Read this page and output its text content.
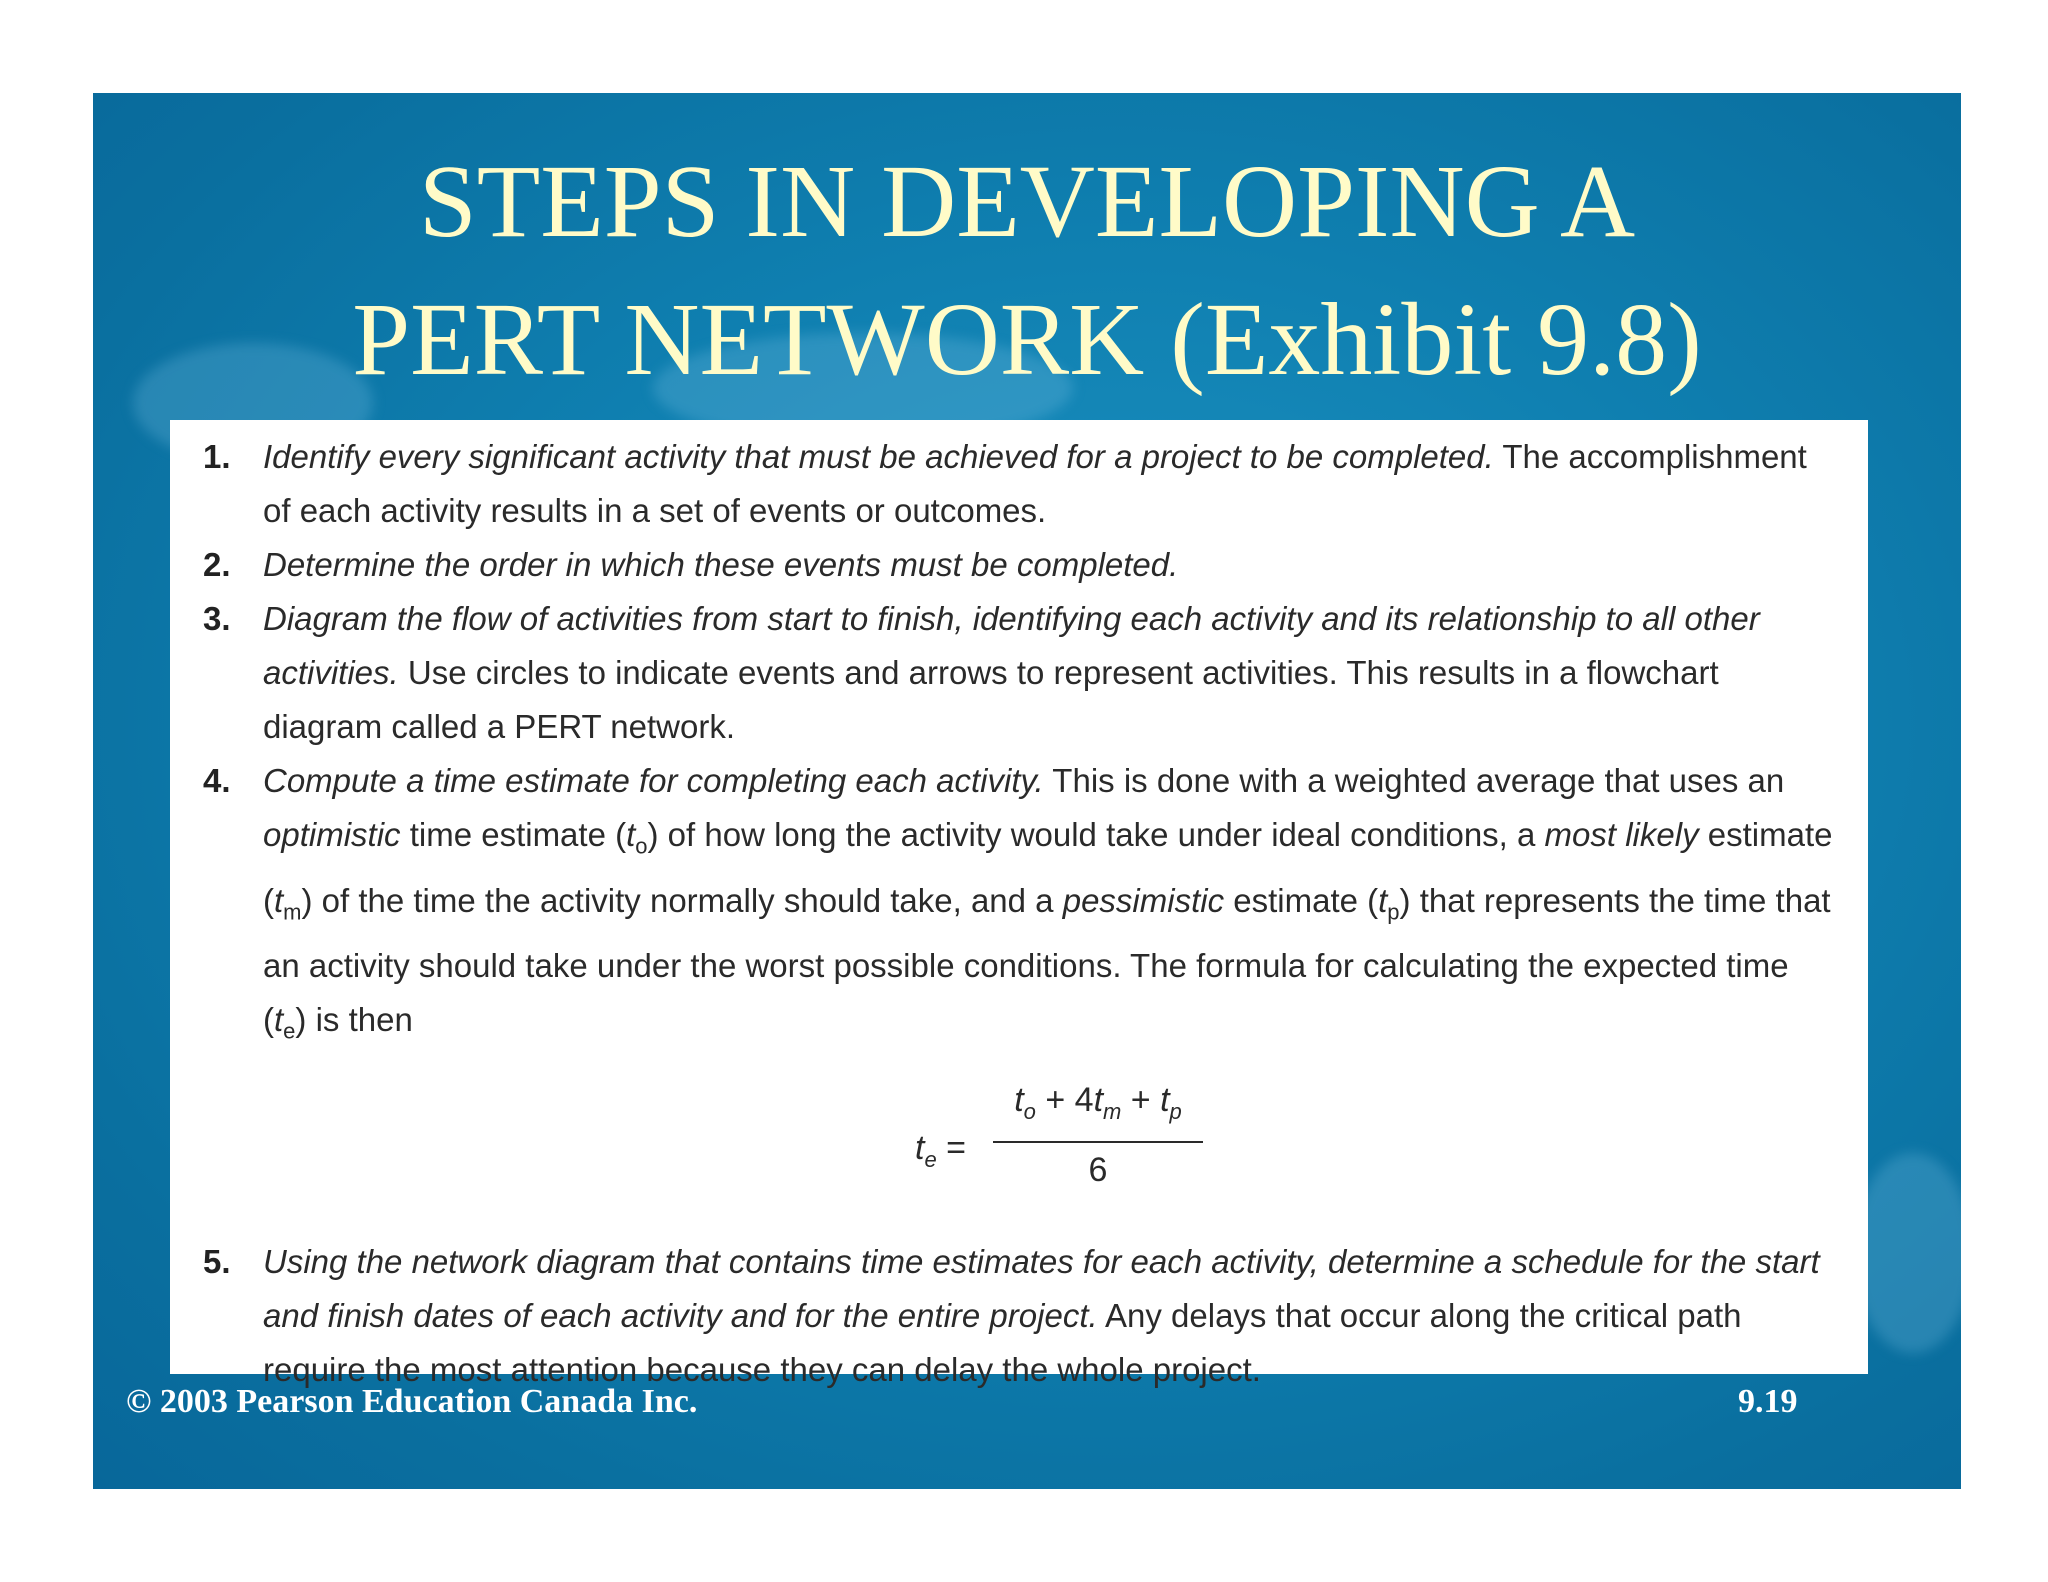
STEPS IN DEVELOPING A
PERT NETWORK (Exhibit 9.8)

1. Identify every significant activity that must be achieved for a project to be completed. The accomplishment of each activity results in a set of events or outcomes.

2. Determine the order in which these events must be completed.

3. Diagram the flow of activities from start to finish, identifying each activity and its relationship to all other activities. Use circles to indicate events and arrows to represent activities. This results in a flowchart diagram called a PERT network.

4. Compute a time estimate for completing each activity. This is done with a weighted average that uses an optimistic time estimate $(t_o)$ of how long the activity would take under ideal conditions, a most likely estimate $(t_m)$ of the time the activity normally should take, and a pessimistic estimate $(t_p)$ that represents the time that an activity should take under the worst possible conditions. The formula for calculating the expected time $(t_e)$ is then

$t_e$ =
$t_o + 4t_m + t_p$
6

5. Using the network diagram that contains time estimates for each activity, determine a schedule for the start and finish dates of each activity and for the entire project. Any delays that occur along the critical path require the most attention because they can delay the whole project.

© 2003 Pearson Education Canada Inc.	9.19
